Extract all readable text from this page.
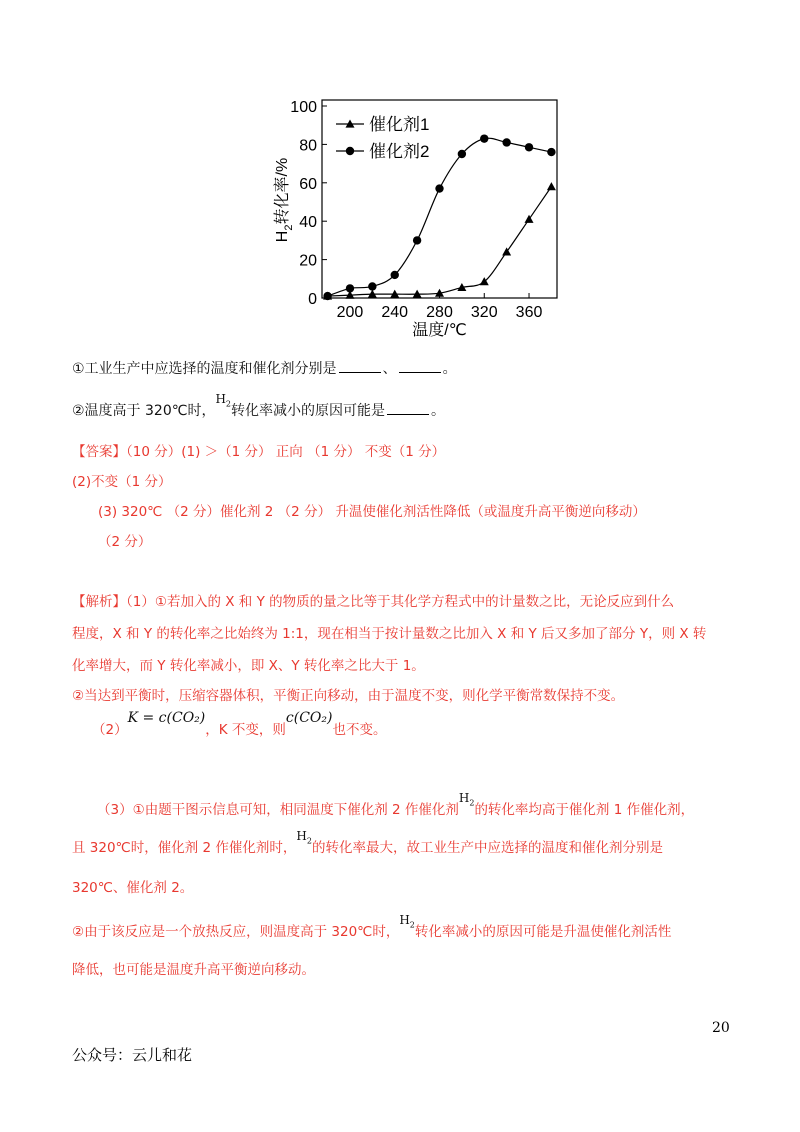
催化剂1
催化剂2
200 240 280 320 360
0
20
40
60
80
100
温度/℃
$H_2$转化率/%
①工业生产中应选择的温度和催化剂分别是	、	。
②温度高于 320℃时，$H_2$转化率减小的原因可能是	。
【答案】（10 分）(1) ＞（1 分） 正向 （1 分） 不变（1 分）
(2)不变（1 分）
(3) 320℃ （2 分）催化剂 2 （2 分） 升温使催化剂活性降低（或温度升高平衡逆向移动）
（2 分）
【解析】（1）①若加入的 X 和 Y 的物质的量之比等于其化学方程式中的计量数之比，无论反应到什么
程度，X 和 Y 的转化率之比始终为 1:1，现在相当于按计量数之比加入 X 和 Y 后又多加了部分 Y，则 X 转
化率增大，而 Y 转化率减小，即 X、Y 转化率之比大于 1。
②当达到平衡时，压缩容器体积，平衡正向移动，由于温度不变，则化学平衡常数保持不变。
（2）K = c(CO₂)，K 不变，则c(CO₂)也不变。
（3）①由题干图示信息可知，相同温度下催化剂 2 作催化剂$H_2$的转化率均高于催化剂 1 作催化剂，
且 320℃时，催化剂 2 作催化剂时，$H_2$的转化率最大，故工业生产中应选择的温度和催化剂分别是
320℃、催化剂 2。
②由于该反应是一个放热反应，则温度高于 320℃时，$H_2$转化率减小的原因可能是升温使催化剂活性
降低，也可能是温度升高平衡逆向移动。
20
公众号：云儿和花
